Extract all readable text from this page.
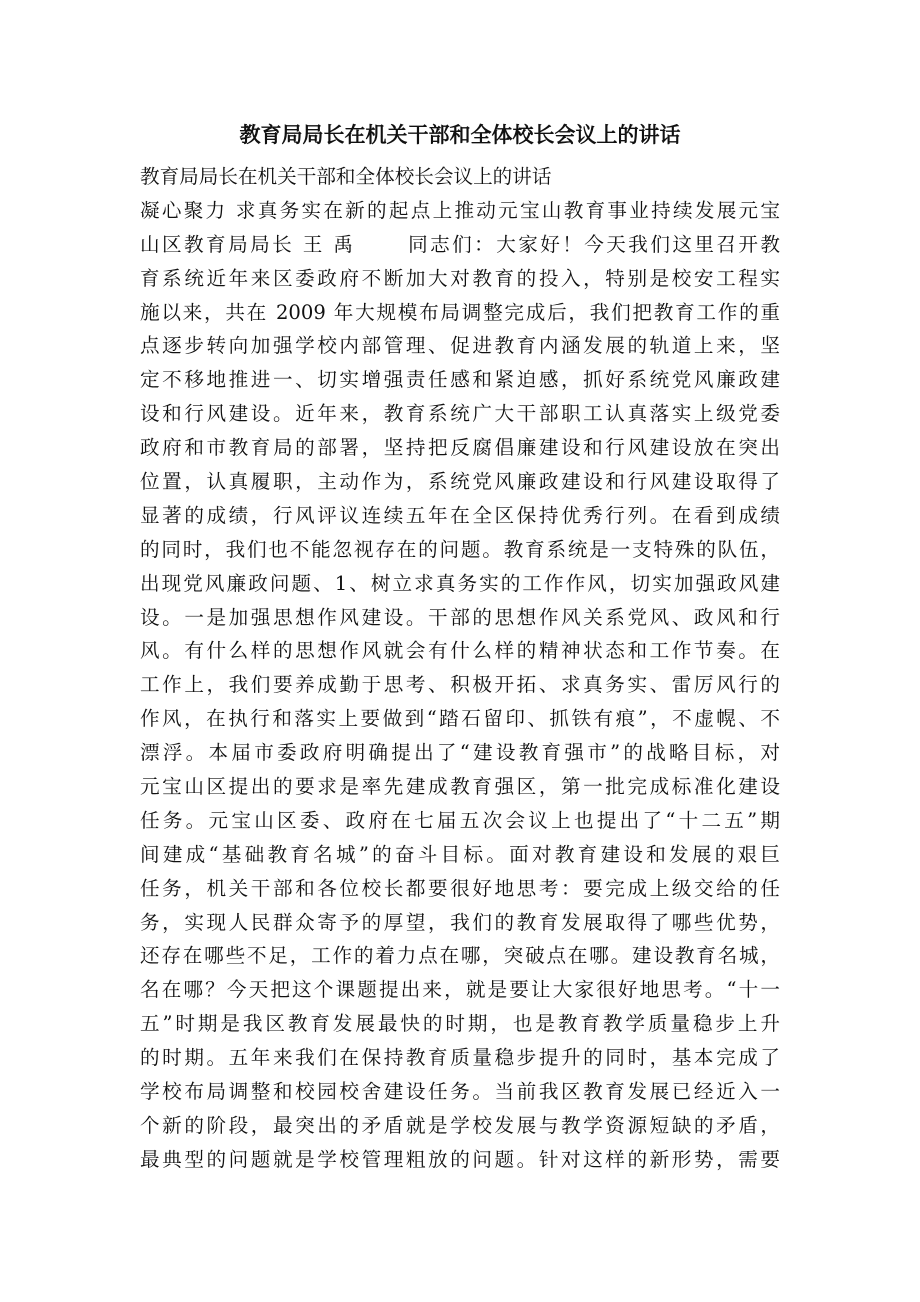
教育局局长在机关干部和全体校长会议上的讲话
教育局局长在机关干部和全体校长会议上的讲话
凝心聚力 求真务实在新的起点上推动元宝山教育事业持续发展元宝
山区教育局局长 王 禹　　 同志们：大家好！今天我们这里召开教
育系统近年来区委政府不断加大对教育的投入，特别是校安工程实
施以来，共在 2009 年大规模布局调整完成后，我们把教育工作的重
点逐步转向加强学校内部管理、促进教育内涵发展的轨道上来，坚
定不移地推进一、切实增强责任感和紧迫感，抓好系统党风廉政建
设和行风建设。近年来，教育系统广大干部职工认真落实上级党委
政府和市教育局的部署，坚持把反腐倡廉建设和行风建设放在突出
位置，认真履职，主动作为，系统党风廉政建设和行风建设取得了
显著的成绩，行风评议连续五年在全区保持优秀行列。在看到成绩
的同时，我们也不能忽视存在的问题。教育系统是一支特殊的队伍，
出现党风廉政问题、1、树立求真务实的工作作风，切实加强政风建
设。一是加强思想作风建设。干部的思想作风关系党风、政风和行
风。有什么样的思想作风就会有什么样的精神状态和工作节奏。在
工作上，我们要养成勤于思考、积极开拓、求真务实、雷厉风行的
作风，在执行和落实上要做到“踏石留印、抓铁有痕”，不虚幌、不
漂浮。本届市委政府明确提出了“建设教育强市”的战略目标，对
元宝山区提出的要求是率先建成教育强区，第一批完成标准化建设
任务。元宝山区委、政府在七届五次会议上也提出了“十二五”期
间建成“基础教育名城”的奋斗目标。面对教育建设和发展的艰巨
任务，机关干部和各位校长都要很好地思考：要完成上级交给的任
务，实现人民群众寄予的厚望，我们的教育发展取得了哪些优势，
还存在哪些不足，工作的着力点在哪，突破点在哪。建设教育名城，
名在哪？今天把这个课题提出来，就是要让大家很好地思考。“十一
五”时期是我区教育发展最快的时期，也是教育教学质量稳步上升
的时期。五年来我们在保持教育质量稳步提升的同时，基本完成了
学校布局调整和校园校舍建设任务。当前我区教育发展已经近入一
个新的阶段，最突出的矛盾就是学校发展与教学资源短缺的矛盾，
最典型的问题就是学校管理粗放的问题。针对这样的新形势，需要
